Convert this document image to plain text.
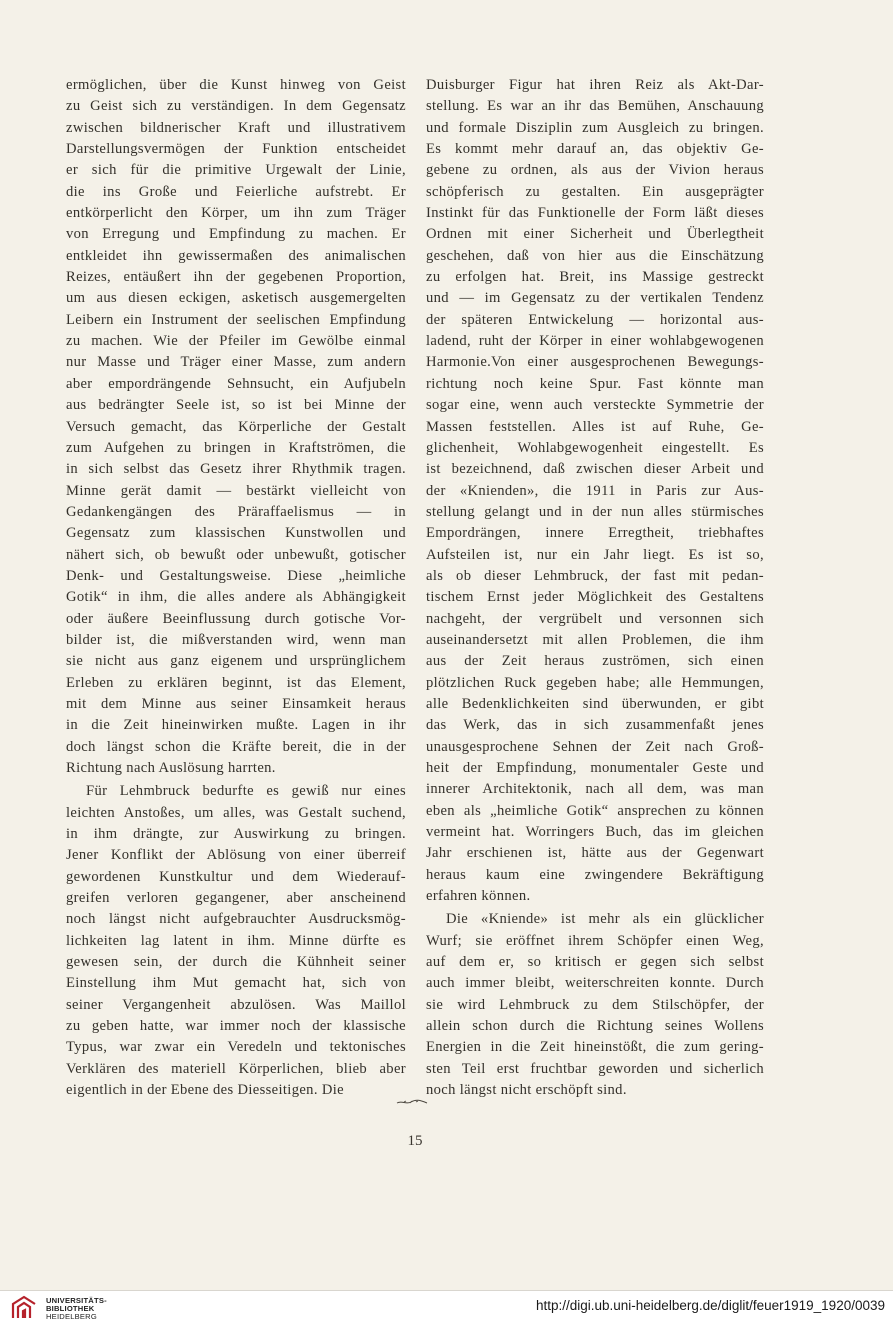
ermöglichen, über die Kunst hinweg von Geist
zu Geist sich zu verständigen. In dem Gegensatz
zwischen bildnerischer Kraft und illustrativem
Darstellungsvermögen der Funktion entscheidet
er sich für die primitive Urgewalt der Linie,
die ins Große und Feierliche aufstrebt. Er
entkörperlicht den Körper, um ihn zum Träger
von Erregung und Empfindung zu machen. Er
entkleidet ihn gewissermaßen des animalischen
Reizes, entäußert ihn der gegebenen Proportion,
um aus diesen eckigen, asketisch ausgemergelten
Leibern ein Instrument der seelischen Empfindung
zu machen. Wie der Pfeiler im Gewölbe einmal
nur Masse und Träger einer Masse, zum andern
aber empordrängende Sehnsucht, ein Aufjubeln
aus bedrängter Seele ist, so ist bei Minne der
Versuch gemacht, das Körperliche der Gestalt
zum Aufgehen zu bringen in Kraftströmen, die
in sich selbst das Gesetz ihrer Rhythmik tragen.
Minne gerät damit — bestärkt vielleicht von
Gedankengängen des Präraffaelismus — in
Gegensatz zum klassischen Kunstwollen und
nähert sich, ob bewußt oder unbewußt, gotischer
Denk- und Gestaltungsweise. Diese „heimliche
Gotik“ in ihm, die alles andere als Abhängigkeit
oder äußere Beeinflussung durch gotische Vor-
bilder ist, die mißverstanden wird, wenn man
sie nicht aus ganz eigenem und ursprünglichem
Erleben zu erklären beginnt, ist das Element,
mit dem Minne aus seiner Einsamkeit heraus
in die Zeit hineinwirken mußte. Lagen in ihr
doch längst schon die Kräfte bereit, die in der
Richtung nach Auslösung harrten.
Für Lehmbruck bedurfte es gewiß nur eines
leichten Anstoßes, um alles, was Gestalt suchend,
in ihm drängte, zur Auswirkung zu bringen.
Jener Konflikt der Ablösung von einer überreif
gewordenen Kunstkultur und dem Wiederauf-
greifen verloren gegangener, aber anscheinend
noch längst nicht aufgebrauchter Ausdrucksmög-
lichkeiten lag latent in ihm. Minne dürfte es
gewesen sein, der durch die Kühnheit seiner
Einstellung ihm Mut gemacht hat, sich von
seiner Vergangenheit abzulösen. Was Maillol
zu geben hatte, war immer noch der klassische
Typus, war zwar ein Veredeln und tektonisches
Verklären des materiell Körperlichen, blieb aber
eigentlich in der Ebene des Diesseitigen. Die
Duisburger Figur hat ihren Reiz als Akt-Dar-
stellung. Es war an ihr das Bemühen, Anschauung
und formale Disziplin zum Ausgleich zu bringen.
Es kommt mehr darauf an, das objektiv Ge-
gebene zu ordnen, als aus der Vivion heraus
schöpferisch zu gestalten. Ein ausgeprägter
Instinkt für das Funktionelle der Form läßt dieses
Ordnen mit einer Sicherheit und Überlegtheit
geschehen, daß von hier aus die Einschätzung
zu erfolgen hat. Breit, ins Massige gestreckt
und — im Gegensatz zu der vertikalen Tendenz
der späteren Entwickelung — horizontal aus-
ladend, ruht der Körper in einer wohlabgewogenen
Harmonie.Von einer ausgesprochenen Bewegungs-
richtung noch keine Spur. Fast könnte man
sogar eine, wenn auch versteckte Symmetrie der
Massen feststellen. Alles ist auf Ruhe, Ge-
glichenheit, Wohlabgewogenheit eingestellt. Es
ist bezeichnend, daß zwischen dieser Arbeit und
der «Knienden», die 1911 in Paris zur Aus-
stellung gelangt und in der nun alles stürmisches
Empordrängen, innere Erregtheit, triebhaftes
Aufsteilen ist, nur ein Jahr liegt. Es ist so,
als ob dieser Lehmbruck, der fast mit pedan-
tischem Ernst jeder Möglichkeit des Gestaltens
nachgeht, der vergrübelt und versonnen sich
auseinandersetzt mit allen Problemen, die ihm
aus der Zeit heraus zuströmen, sich einen
plötzlichen Ruck gegeben habe; alle Hemmungen,
alle Bedenklichkeiten sind überwunden, er gibt
das Werk, das in sich zusammenfaßt jenes
unausgesprochene Sehnen der Zeit nach Groß-
heit der Empfindung, monumentaler Geste und
innerer Architektonik, nach all dem, was man
eben als „heimliche Gotik“ ansprechen zu können
vermeint hat. Worringers Buch, das im gleichen
Jahr erschienen ist, hätte aus der Gegenwart
heraus kaum eine zwingendere Bekräftigung
erfahren können.
Die «Kniende» ist mehr als ein glücklicher
Wurf; sie eröffnet ihrem Schöpfer einen Weg,
auf dem er, so kritisch er gegen sich selbst
auch immer bleibt, weiterschreiten konnte. Durch
sie wird Lehmbruck zu dem Stilschöpfer, der
allein schon durch die Richtung seines Wollens
Energien in die Zeit hineinstößt, die zum gering-
sten Teil erst fruchtbar geworden und sicherlich
noch längst nicht erschöpft sind.
15
UNIVERSITÄTS-
BIBLIOTHEK
HEIDELBERG
http://digi.ub.uni-heidelberg.de/diglit/feuer1919_1920/0039
